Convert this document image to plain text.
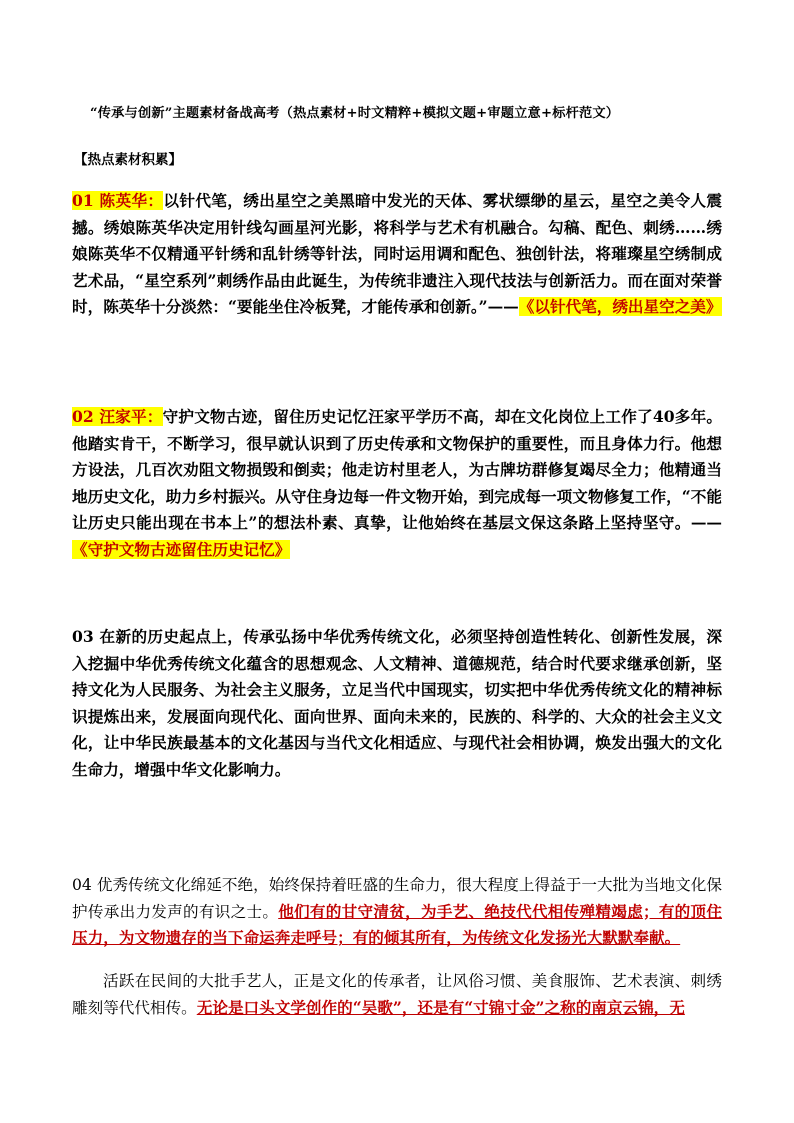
“传承与创新”主题素材备战高考（热点素材+时文精粹+模拟文题+审题立意+标杆范文）
【热点素材积累】
01 陈英华：以针代笔，绣出星空之美黑暗中发光的天体、雾状缥缈的星云，星空之美令人震撼。绣娘陈英华决定用针线勾画星河光影，将科学与艺术有机融合。勾稿、配色、刺绣……绣娘陈英华不仅精通平针绣和乱针绣等针法，同时运用调和配色、独创针法，将璀璨星空绣制成艺术品，“星空系列”刺绣作品由此诞生，为传统非遗注入现代技法与创新活力。而在面对荣誉时，陈英华十分淡然：“要能坐住冷板凳，才能传承和创新。”——《以针代笔，绣出星空之美》
02 汪家平：守护文物古迹，留住历史记忆汪家平学历不高，却在文化岗位上工作了40多年。他踏实肯干，不断学习，很早就认识到了历史传承和文物保护的重要性，而且身体力行。他想方设法，几百次劝阻文物损毁和倒卖；他走访村里老人，为古牌坊群修复竭尽全力；他精通当地历史文化，助力乡村振兴。从守住身边每一件文物开始，到完成每一项文物修复工作，“不能让历史只能出现在书本上”的想法朴素、真挚，让他始终在基层文保这条路上坚持坚守。——《守护文物古迹留住历史记忆》
03 在新的历史起点上，传承弘扬中华优秀传统文化，必须坚持创造性转化、创新性发展，深入挖掘中华优秀传统文化蕴含的思想观念、人文精神、道德规范，结合时代要求继承创新，坚持文化为人民服务、为社会主义服务，立足当代中国现实，切实把中华优秀传统文化的精神标识提炼出来，发展面向现代化、面向世界、面向未来的，民族的、科学的、大众的社会主义文化，让中华民族最基本的文化基因与当代文化相适应、与现代社会相协调，焕发出强大的文化生命力，增强中华文化影响力。
04 优秀传统文化绵延不绝，始终保持着旺盛的生命力，很大程度上得益于一大批为当地文化保护传承出力发声的有识之士。他们有的甘守清贫，为手艺、绝技代代相传殚精竭虑；有的顶住压力，为文物遗存的当下命运奔走呼号；有的倾其所有，为传统文化发扬光大默默奉献。
活跃在民间的大批手艺人，正是文化的传承者，让风俗习惯、美食服饰、艺术表演、刺绣雕刻等代代相传。无论是口头文学创作的“吴歌”，还是有“寸锦寸金”之称的南京云锦，无
